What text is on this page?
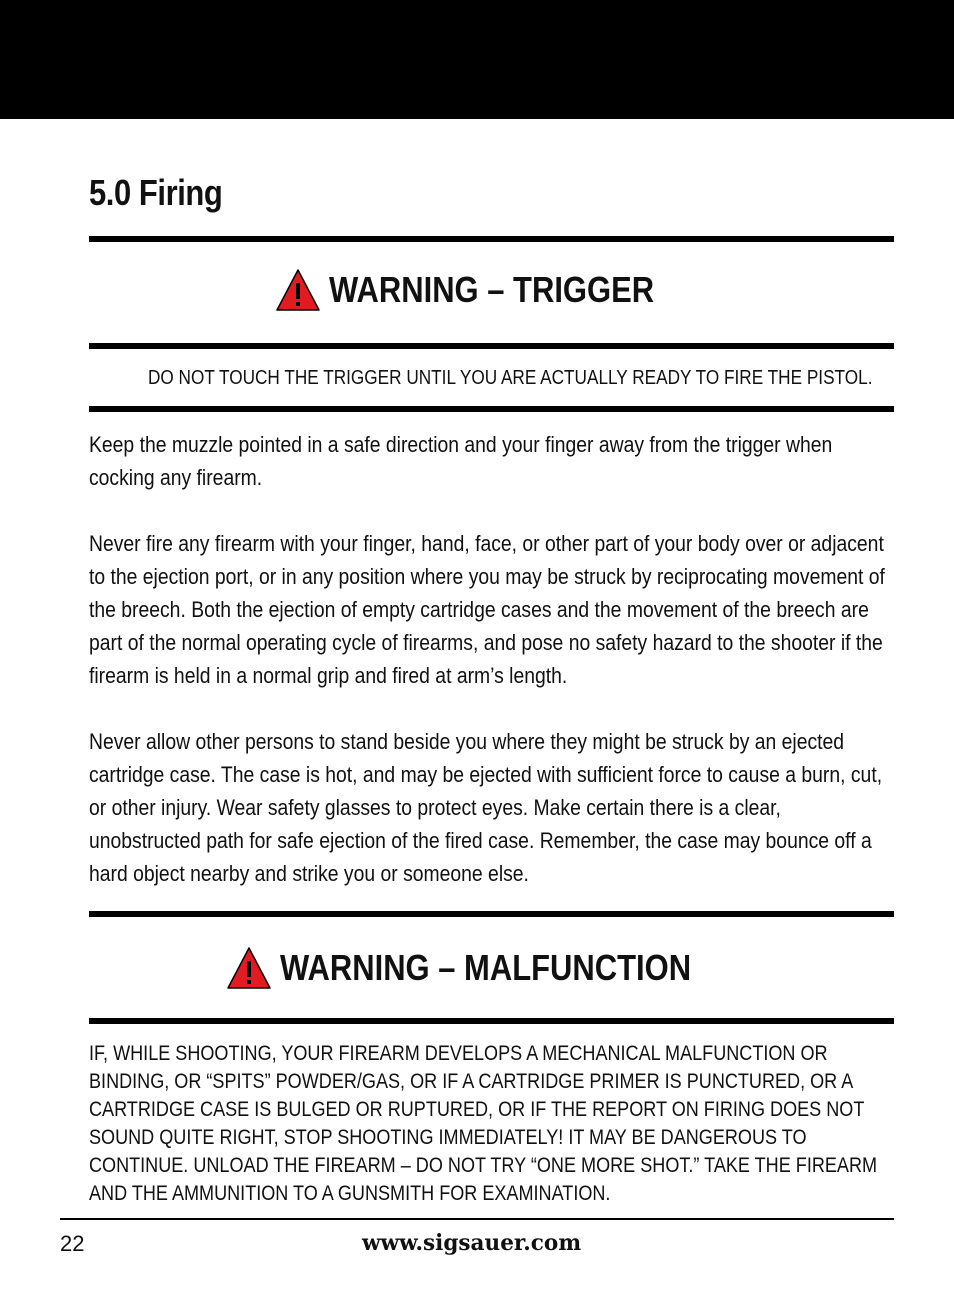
5.0 Firing
WARNING – TRIGGER
DO NOT TOUCH THE TRIGGER UNTIL YOU ARE ACTUALLY READY TO FIRE THE PISTOL.

Keep the muzzle pointed in a safe direction and your finger away from the trigger when cocking any firearm.

Never fire any firearm with your finger, hand, face, or other part of your body over or adjacent to the ejection port, or in any position where you may be struck by reciprocating movement of the breech. Both the ejection of empty cartridge cases and the movement of the breech are part of the normal operating cycle of firearms, and pose no safety hazard to the shooter if the firearm is held in a normal grip and fired at arm’s length.

Never allow other persons to stand beside you where they might be struck by an ejected cartridge case. The case is hot, and may be ejected with sufficient force to cause a burn, cut, or other injury. Wear safety glasses to protect eyes. Make certain there is a clear, unobstructed path for safe ejection of the fired case. Remember, the case may bounce off a hard object nearby and strike you or someone else.

WARNING – MALFUNCTION
IF, WHILE SHOOTING, YOUR FIREARM DEVELOPS A MECHANICAL MALFUNCTION OR BINDING, OR “SPITS” POWDER/GAS, OR IF A CARTRIDGE PRIMER IS PUNCTURED, OR A CARTRIDGE CASE IS BULGED OR RUPTURED, OR IF THE REPORT ON FIRING DOES NOT SOUND QUITE RIGHT, STOP SHOOTING IMMEDIATELY! IT MAY BE DANGEROUS TO CONTINUE. UNLOAD THE FIREARM – DO NOT TRY “ONE MORE SHOT.” TAKE THE FIREARM AND THE AMMUNITION TO A GUNSMITH FOR EXAMINATION.
22	www.sigsauer.com
